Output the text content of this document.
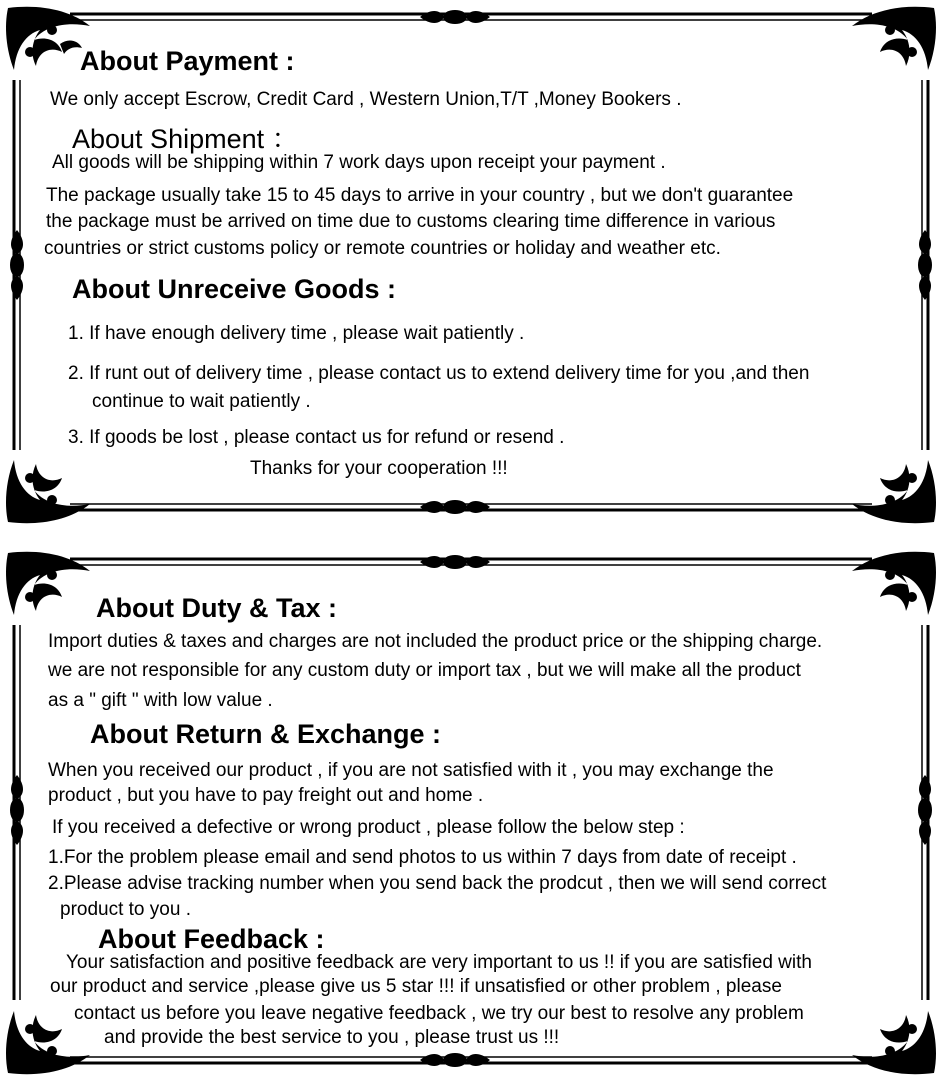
About Payment :
We only accept Escrow, Credit Card , Western Union,T/T ,Money Bookers .
About Shipment ：
All goods will be shipping within 7 work days upon receipt your payment .
The package usually take 15 to 45 days to arrive in your country , but we don't guarantee
the package must be arrived on time due to customs clearing time difference in various
countries or strict customs policy or remote countries or holiday and weather etc.
About Unreceive Goods :
1. If have enough delivery time , please wait patiently .
2. If runt out of delivery time , please contact us to extend delivery time for you ,and then
continue to wait patiently .
3. If goods be lost , please contact us for refund or resend .
Thanks for your cooperation !!!
About Duty & Tax :
Import duties & taxes and charges are not included the product price or the shipping charge.
we are not responsible for any custom duty or import tax , but we will make all the product
as a " gift " with low value .
About Return & Exchange :
When you received our product , if you are not satisfied with it , you may exchange the
product , but you have to pay freight out and home .
If you received a defective or wrong product , please follow the below step :
1.For the problem please email and send photos to us within 7 days from date of receipt .
2.Please advise tracking number when you send back the prodcut , then we will send correct
product to you .
About Feedback :
Your satisfaction and positive feedback are very important to us !! if you are satisfied with
our product and service ,please give us 5 star !!! if unsatisfied or other problem , please
contact us before you leave negative feedback , we try our best to resolve any problem
and provide the best service to you , please trust us !!!
